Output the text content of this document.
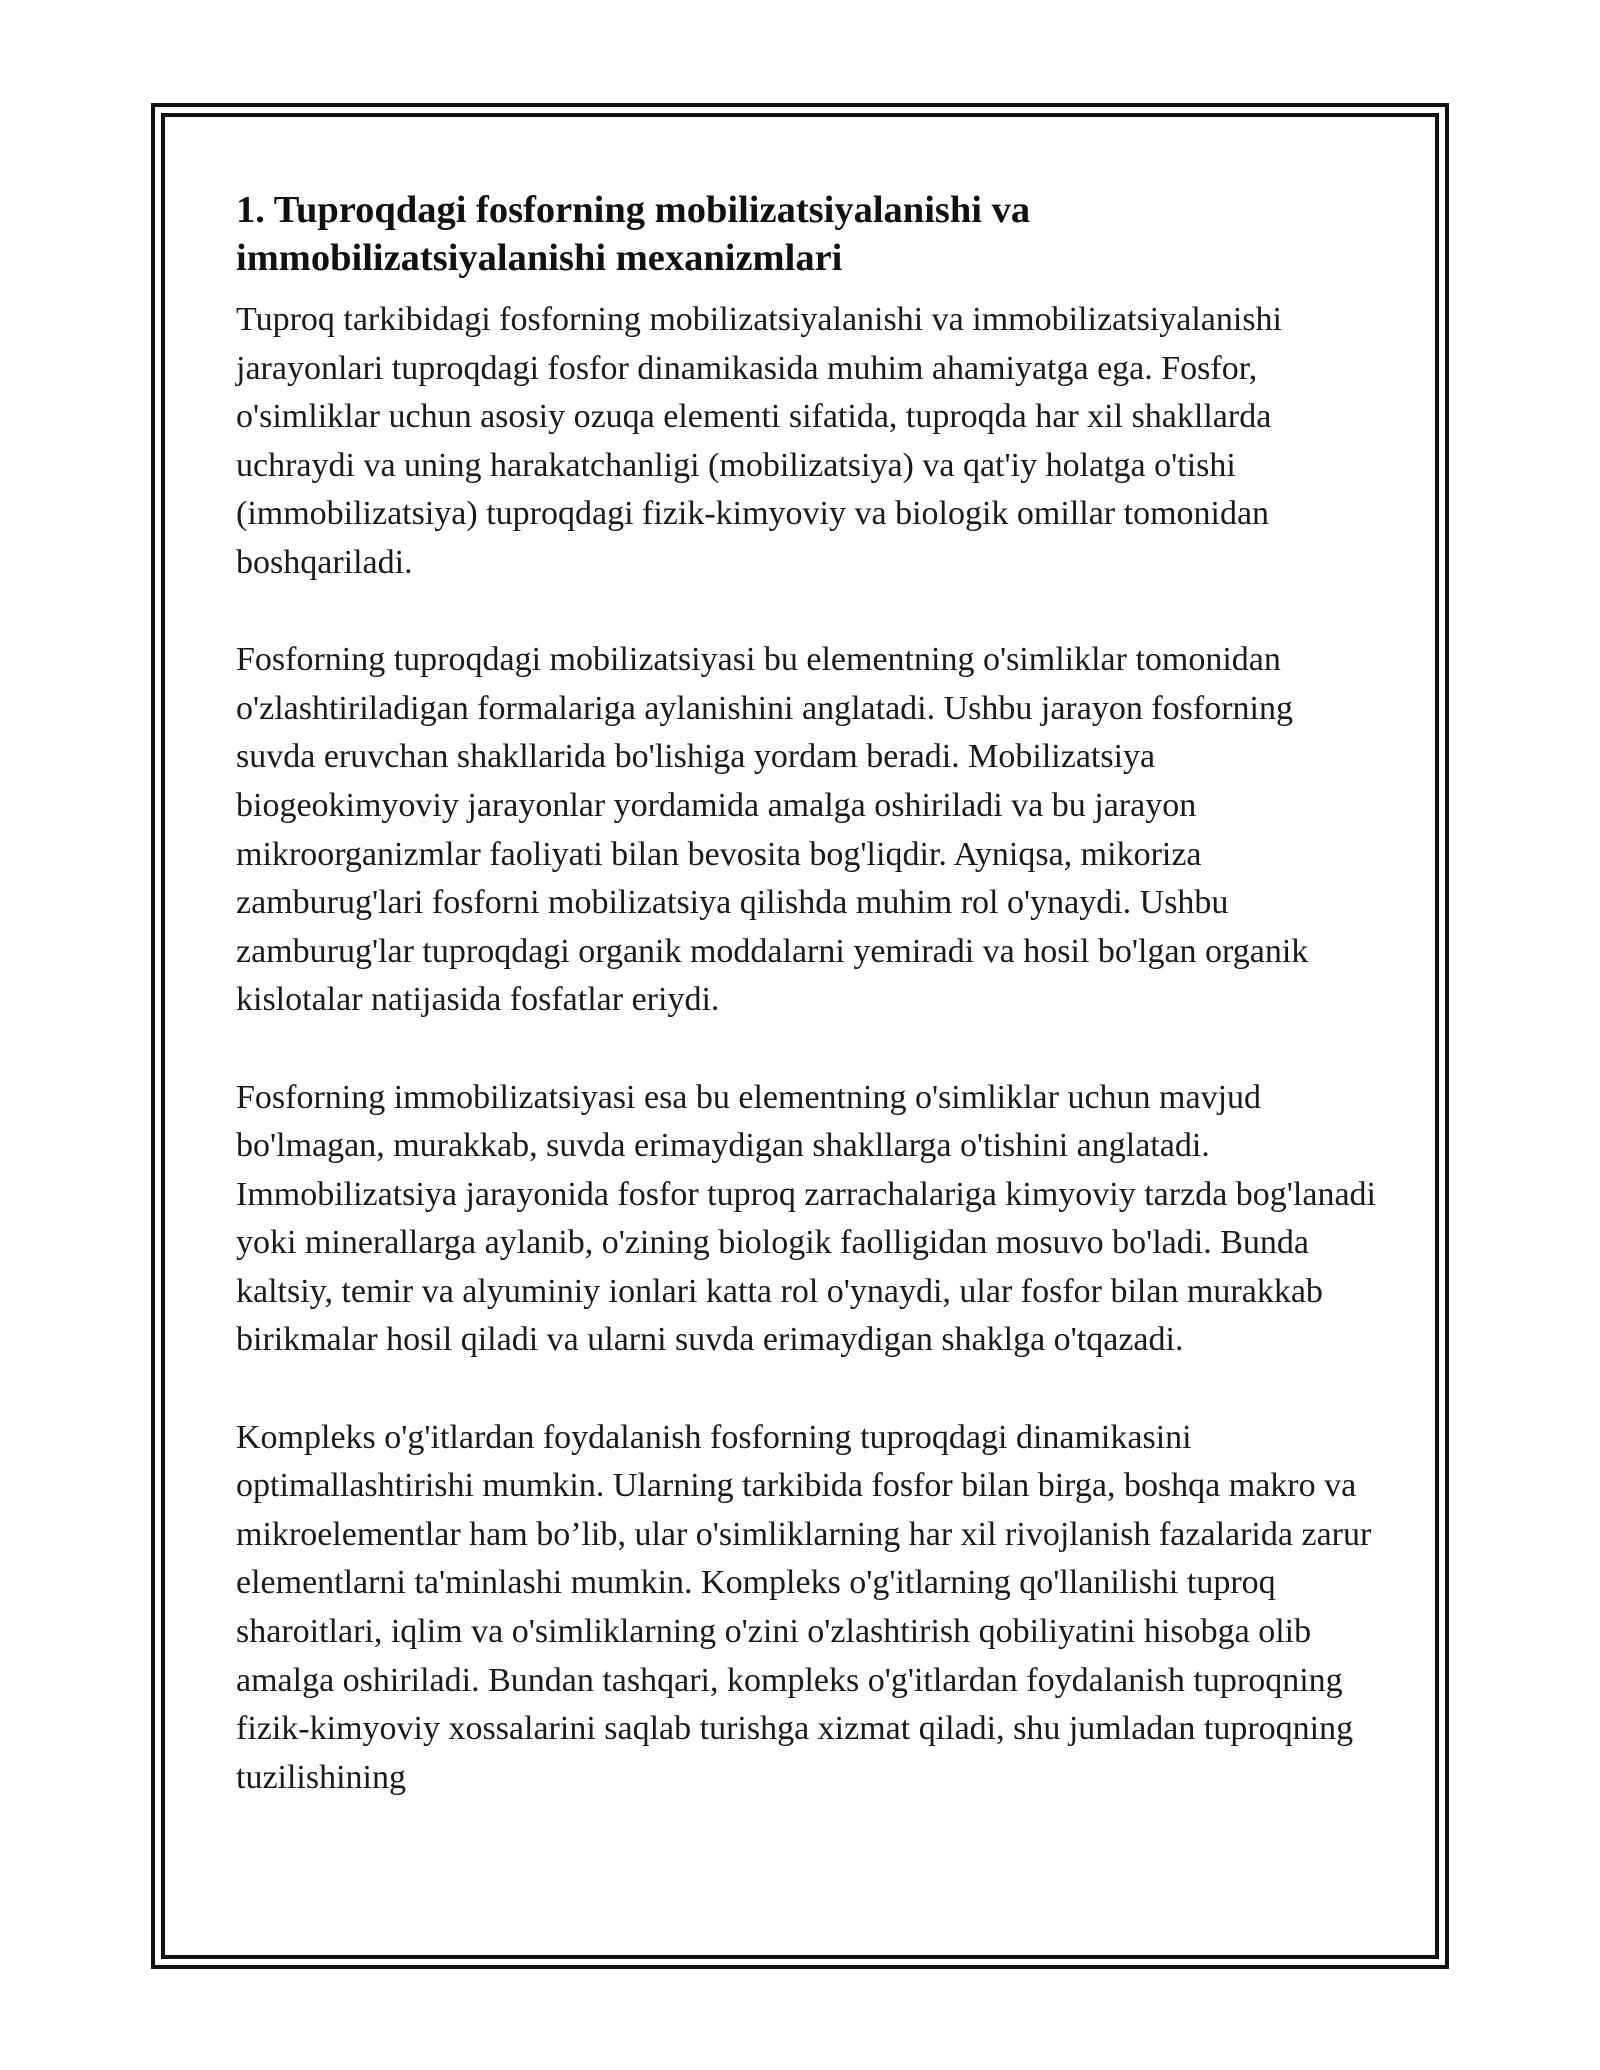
1. Tuproqdagi fosforning mobilizatsiyalanishi va immobilizatsiyalanishi mexanizmlari

Tuproq tarkibidagi fosforning mobilizatsiyalanishi va immobilizatsiyalanishi jarayonlari tuproqdagi fosfor dinamikasida muhim ahamiyatga ega. Fosfor, o'simliklar uchun asosiy ozuqa elementi sifatida, tuproqda har xil shakllarda uchraydi va uning harakatchanligi (mobilizatsiya) va qat'iy holatga o'tishi (immobilizatsiya) tuproqdagi fizik-kimyoviy va biologik omillar tomonidan boshqariladi.

Fosforning tuproqdagi mobilizatsiyasi bu elementning o'simliklar tomonidan o'zlashtiriladigan formalariga aylanishini anglatadi. Ushbu jarayon fosforning suvda eruvchan shakllarida bo'lishiga yordam beradi. Mobilizatsiya biogeokimyoviy jarayonlar yordamida amalga oshiriladi va bu jarayon mikroorganizmlar faoliyati bilan bevosita bog'liqdir. Ayniqsa, mikoriza zamburug'lari fosforni mobilizatsiya qilishda muhim rol o'ynaydi. Ushbu zamburug'lar tuproqdagi organik moddalarni yemiradi va hosil bo'lgan organik kislotalar natijasida fosfatlar eriydi.

Fosforning immobilizatsiyasi esa bu elementning o'simliklar uchun mavjud bo'lmagan, murakkab, suvda erimaydigan shakllarga o'tishini anglatadi. Immobilizatsiya jarayonida fosfor tuproq zarrachalariga kimyoviy tarzda bog'lanadi yoki minerallarga aylanib, o'zining biologik faolligidan mosuvo bo'ladi. Bunda kaltsiy, temir va alyuminiy ionlari katta rol o'ynaydi, ular fosfor bilan murakkab birikmalar hosil qiladi va ularni suvda erimaydigan shaklga o'tqazadi.

Kompleks o'g'itlardan foydalanish fosforning tuproqdagi dinamikasini optimallashtirishi mumkin. Ularning tarkibida fosfor bilan birga, boshqa makro va mikroelementlar ham bo’lib, ular o'simliklarning har xil rivojlanish fazalarida zarur elementlarni ta'minlashi mumkin. Kompleks o'g'itlarning qo'llanilishi tuproq sharoitlari, iqlim va o'simliklarning o'zini o'zlashtirish qobiliyatini hisobga olib amalga oshiriladi. Bundan tashqari, kompleks o'g'itlardan foydalanish tuproqning fizik-kimyoviy xossalarini saqlab turishga xizmat qiladi, shu jumladan tuproqning tuzilishining
